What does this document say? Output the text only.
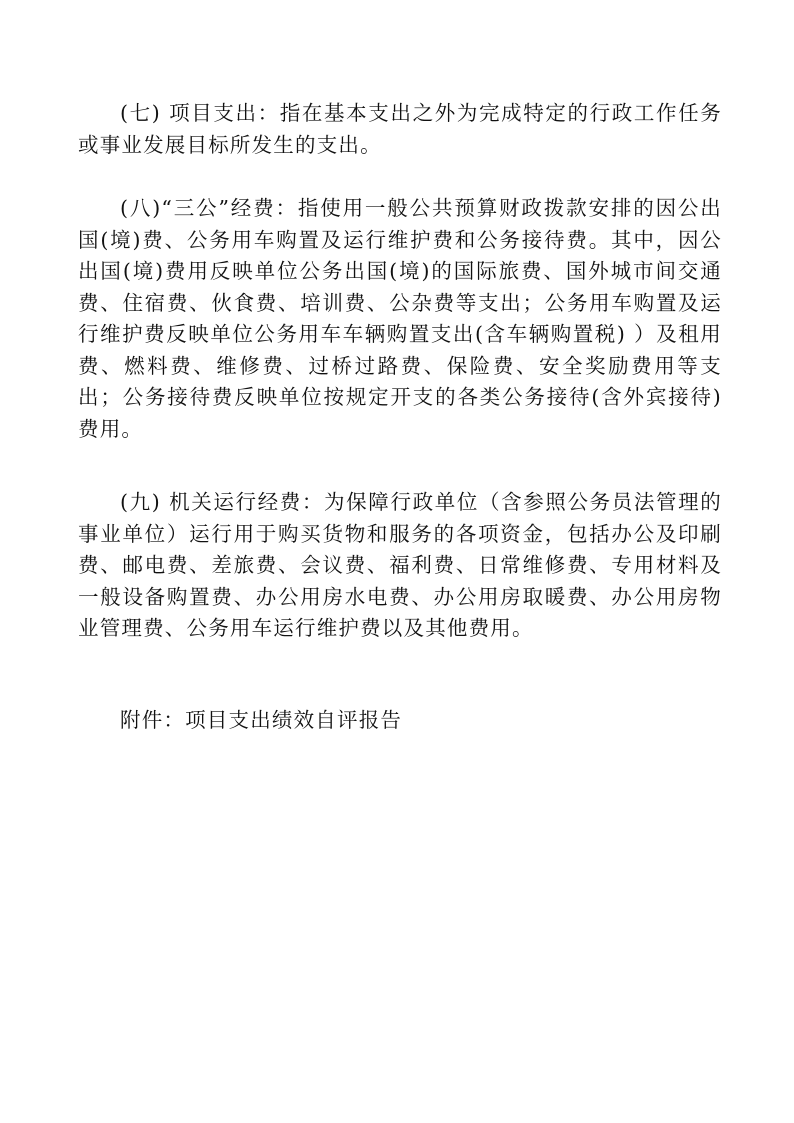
(七) 项目支出：指在基本支出之外为完成特定的行政工作任务或事业发展目标所发生的支出。

(八)“三公”经费：指使用一般公共预算财政拨款安排的因公出国(境)费、公务用车购置及运行维护费和公务接待费。其中，因公出国(境)费用反映单位公务出国(境)的国际旅费、国外城市间交通费、住宿费、伙食费、培训费、公杂费等支出；公务用车购置及运行维护费反映单位公务用车车辆购置支出(含车辆购置税) ）及租用费、燃料费、维修费、过桥过路费、保险费、安全奖励费用等支出；公务接待费反映单位按规定开支的各类公务接待(含外宾接待)费用。

(九) 机关运行经费：为保障行政单位（含参照公务员法管理的事业单位）运行用于购买货物和服务的各项资金，包括办公及印刷费、邮电费、差旅费、会议费、福利费、日常维修费、专用材料及一般设备购置费、办公用房水电费、办公用房取暖费、办公用房物业管理费、公务用车运行维护费以及其他费用。

附件：项目支出绩效自评报告
